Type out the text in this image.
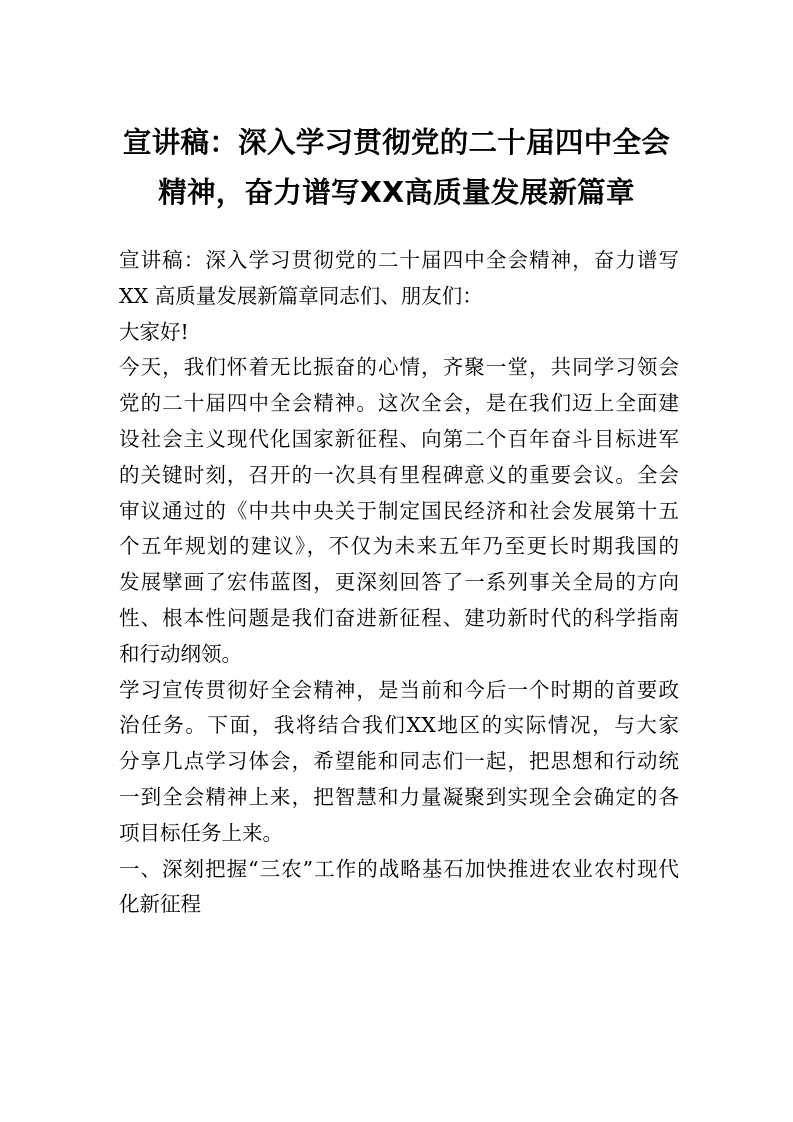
宣讲稿：深入学习贯彻党的二十届四中全会
精神，奋力谱写XX高质量发展新篇章

宣讲稿：深入学习贯彻党的二十届四中全会精神，奋力谱写
XX 高质量发展新篇章同志们、朋友们：

大家好!

今天，我们怀着无比振奋的心情，齐聚一堂，共同学习领会
党的二十届四中全会精神。这次全会，是在我们迈上全面建
设社会主义现代化国家新征程、向第二个百年奋斗目标进军
的关键时刻，召开的一次具有里程碑意义的重要会议。全会
审议通过的《中共中央关于制定国民经济和社会发展第十五
个五年规划的建议》，不仅为未来五年乃至更长时期我国的
发展擘画了宏伟蓝图，更深刻回答了一系列事关全局的方向
性、根本性问题是我们奋进新征程、建功新时代的科学指南
和行动纲领。

学习宣传贯彻好全会精神，是当前和今后一个时期的首要政
治任务。下面，我将结合我们XX地区的实际情况，与大家
分享几点学习体会，希望能和同志们一起，把思想和行动统
一到全会精神上来，把智慧和力量凝聚到实现全会确定的各
项目标任务上来。

一、深刻把握“三农”工作的战略基石加快推进农业农村现代
化新征程
